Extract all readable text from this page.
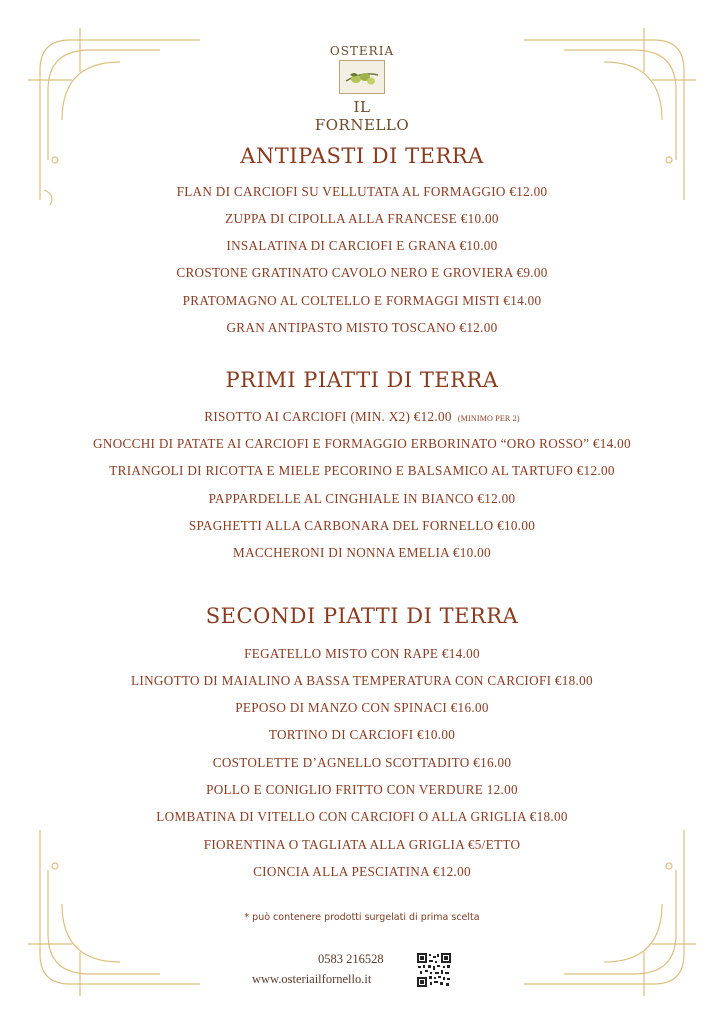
OSTERIA
IL FORNELLO
ANTIPASTI DI TERRA
FLAN DI CARCIOFI SU VELLUTATA AL FORMAGGIO €12.00
ZUPPA DI CIPOLLA ALLA FRANCESE €10.00
INSALATINA DI CARCIOFI E GRANA €10.00
CROSTONE GRATINATO CAVOLO NERO E GROVIERA €9.00
PRATOMAGNO AL COLTELLO E FORMAGGI MISTI €14.00
GRAN ANTIPASTO MISTO TOSCANO €12.00
PRIMI PIATTI DI TERRA
RISOTTO AI CARCIOFI (MIN. X2) €12.00 (MINIMO PER 2)
GNOCCHI DI PATATE AI CARCIOFI E FORMAGGIO ERBORINATO “ORO ROSSO” €14.00
TRIANGOLI DI RICOTTA E MIELE PECORINO E BALSAMICO AL TARTUFO €12.00
PAPPARDELLE AL CINGHIALE IN BIANCO €12.00
SPAGHETTI ALLA CARBONARA DEL FORNELLO €10.00
MACCHERONI DI NONNA EMELIA €10.00
SECONDI PIATTI DI TERRA
FEGATELLO MISTO CON RAPE €14.00
LINGOTTO DI MAIALINO A BASSA TEMPERATURA CON CARCIOFI €18.00
PEPOSO DI MANZO CON SPINACI €16.00
TORTINO DI CARCIOFI €10.00
COSTOLETTE D’AGNELLO SCOTTADITO €16.00
POLLO E CONIGLIO FRITTO CON VERDURE 12.00
LOMBATINA DI VITELLO CON CARCIOFI O ALLA GRIGLIA €18.00
FIORENTINA O TAGLIATA ALLA GRIGLIA €5/ETTO
CIONCIA ALLA PESCIATINA €12.00
* può contenere prodotti surgelati di prima scelta
0583 216528
www.osteriailfornello.it
